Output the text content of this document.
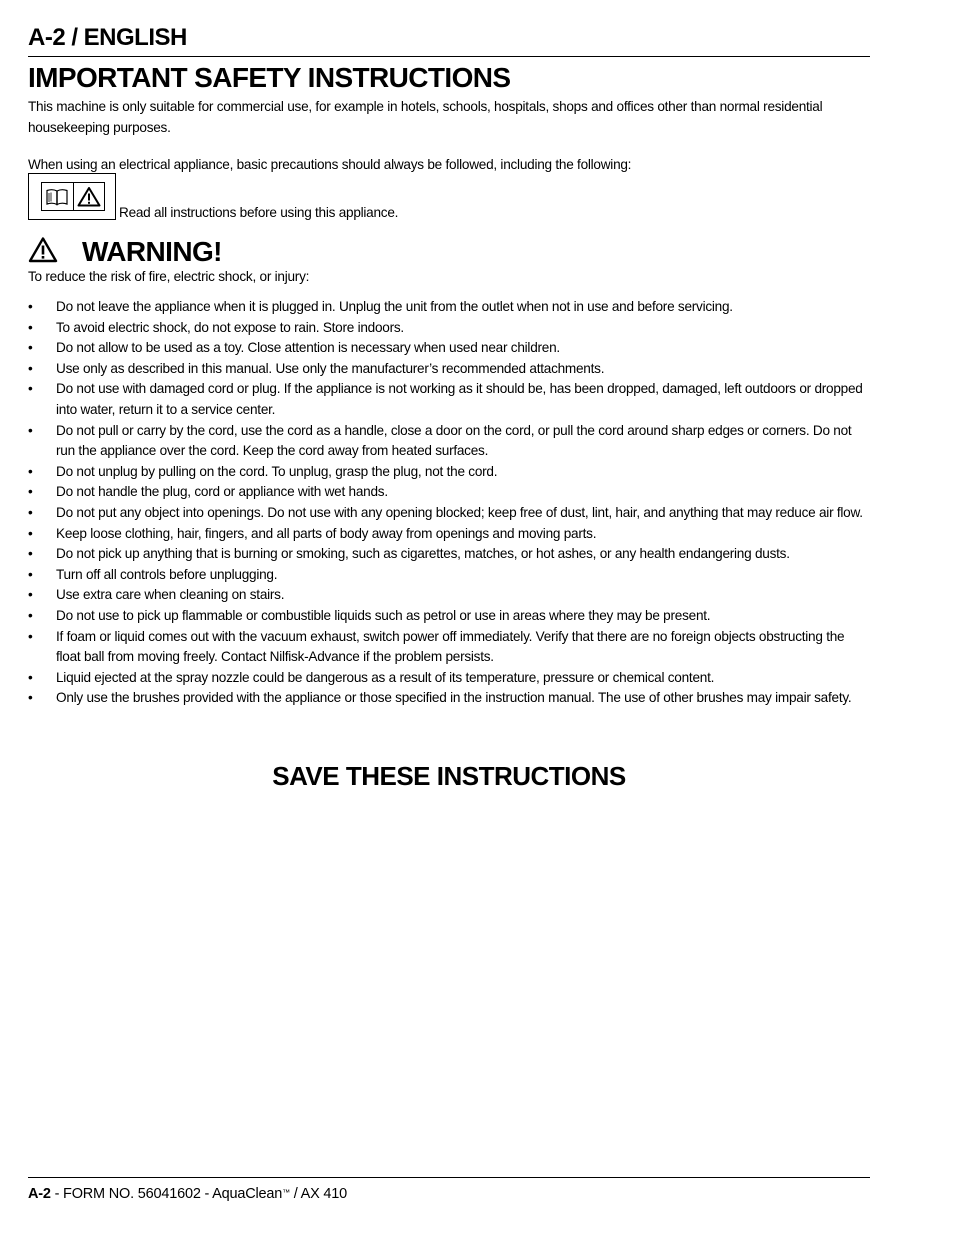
A-2 / ENGLISH
IMPORTANT SAFETY INSTRUCTIONS
This machine is only suitable for commercial use, for example in hotels, schools, hospitals, shops and offices other than normal residential housekeeping purposes.
When using an electrical appliance, basic precautions should always be followed, including the following:
Read all instructions before using this appliance.
WARNING!
To reduce the risk of fire, electric shock, or injury:
• Do not leave the appliance when it is plugged in. Unplug the unit from the outlet when not in use and before servicing.
• To avoid electric shock, do not expose to rain. Store indoors.
• Do not allow to be used as a toy. Close attention is necessary when used near children.
• Use only as described in this manual. Use only the manufacturer’s recommended attachments.
• Do not use with damaged cord or plug. If the appliance is not working as it should be, has been dropped, damaged, left outdoors or dropped into water, return it to a service center.
• Do not pull or carry by the cord, use the cord as a handle, close a door on the cord, or pull the cord around sharp edges or corners. Do not run the appliance over the cord. Keep the cord away from heated surfaces.
• Do not unplug by pulling on the cord. To unplug, grasp the plug, not the cord.
• Do not handle the plug, cord or appliance with wet hands.
• Do not put any object into openings. Do not use with any opening blocked; keep free of dust, lint, hair, and anything that may reduce air flow.
• Keep loose clothing, hair, fingers, and all parts of body away from openings and moving parts.
• Do not pick up anything that is burning or smoking, such as cigarettes, matches, or hot ashes, or any health endangering dusts.
• Turn off all controls before unplugging.
• Use extra care when cleaning on stairs.
• Do not use to pick up flammable or combustible liquids such as petrol or use in areas where they may be present.
• If foam or liquid comes out with the vacuum exhaust, switch power off immediately. Verify that there are no foreign objects obstructing the float ball from moving freely. Contact Nilfisk-Advance if the problem persists.
• Liquid ejected at the spray nozzle could be dangerous as a result of its temperature, pressure or chemical content.
• Only use the brushes provided with the appliance or those specified in the instruction manual. The use of other brushes may impair safety.
SAVE THESE INSTRUCTIONS
A-2 - FORM NO. 56041602 - AquaClean™ / AX 410
